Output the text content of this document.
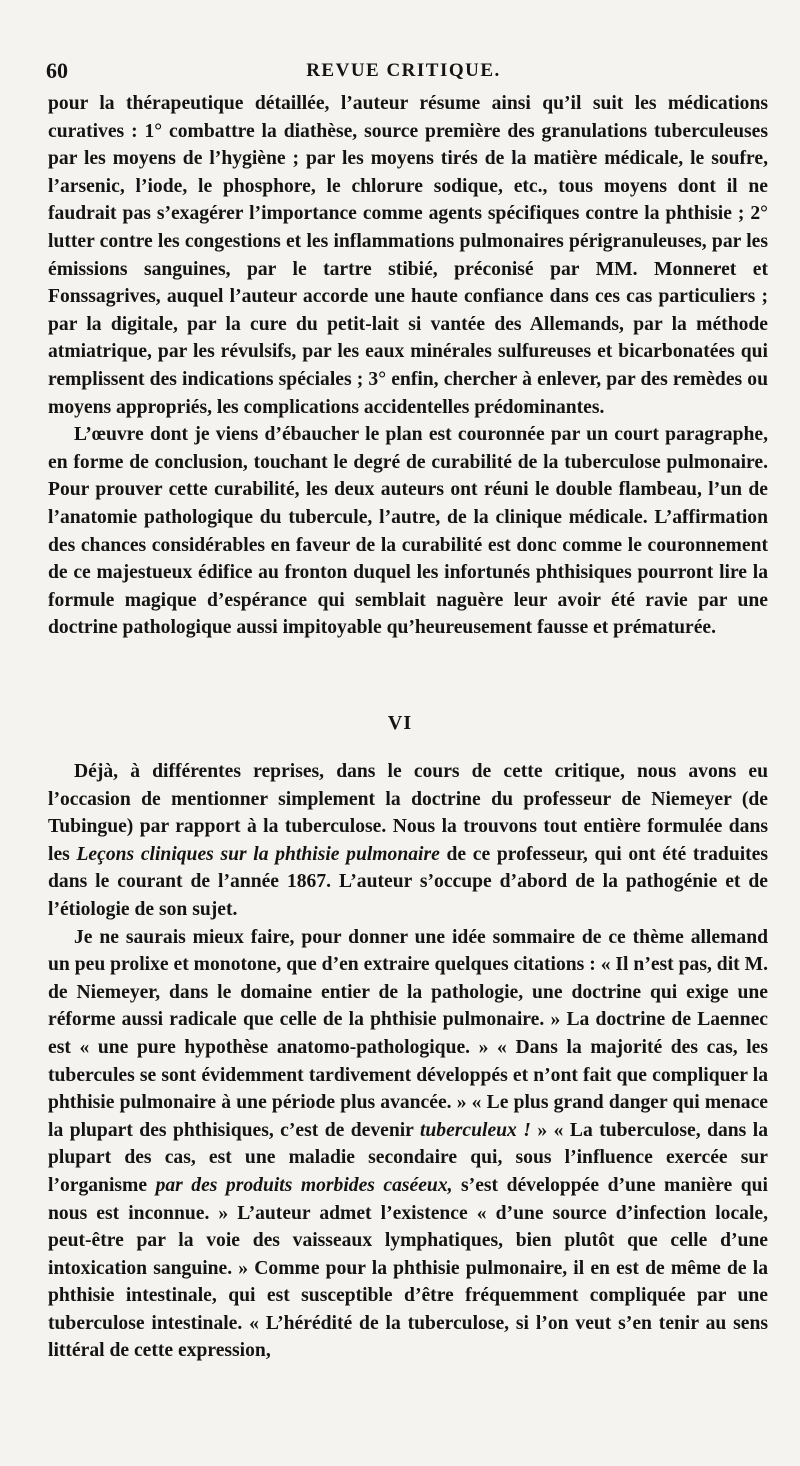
60	REVUE CRITIQUE.

pour la thérapeutique détaillée, l’auteur résume ainsi qu’il suit les médications curatives : 1° combattre la diathèse, source première des granulations tuberculeuses par les moyens de l’hygiène ; par les moyens tirés de la matière médicale, le soufre, l’arsenic, l’iode, le phosphore, le chlorure sodique, etc., tous moyens dont il ne faudrait pas s’exagérer l’importance comme agents spécifiques contre la phthisie ; 2° lutter contre les congestions et les inflammations pulmonaires périgranuleuses, par les émissions sanguines, par le tartre stibié, préconisé par MM. Monneret et Fonssagrives, auquel l’auteur accorde une haute confiance dans ces cas particuliers ; par la digitale, par la cure du petit-lait si vantée des Allemands, par la méthode atmiatrique, par les révulsifs, par les eaux minérales sulfureuses et bicarbonatées qui remplissent des indications spéciales ; 3° enfin, chercher à enlever, par des remèdes ou moyens appropriés, les complications accidentelles prédominantes.

L’œuvre dont je viens d’ébaucher le plan est couronnée par un court paragraphe, en forme de conclusion, touchant le degré de curabilité de la tuberculose pulmonaire. Pour prouver cette curabilité, les deux auteurs ont réuni le double flambeau, l’un de l’anatomie pathologique du tubercule, l’autre, de la clinique médicale. L’affirmation des chances considérables en faveur de la curabilité est donc comme le couronnement de ce majestueux édifice au fronton duquel les infortunés phthisiques pourront lire la formule magique d’espérance qui semblait naguère leur avoir été ravie par une doctrine pathologique aussi impitoyable qu’heureusement fausse et prématurée.

VI

Déjà, à différentes reprises, dans le cours de cette critique, nous avons eu l’occasion de mentionner simplement la doctrine du professeur de Niemeyer (de Tubingue) par rapport à la tuberculose. Nous la trouvons tout entière formulée dans les Leçons cliniques sur la phthisie pulmonaire de ce professeur, qui ont été traduites dans le courant de l’année 1867. L’auteur s’occupe d’abord de la pathogénie et de l’étiologie de son sujet.

Je ne saurais mieux faire, pour donner une idée sommaire de ce thème allemand un peu prolixe et monotone, que d’en extraire quelques citations : « Il n’est pas, dit M. de Niemeyer, dans le domaine entier de la pathologie, une doctrine qui exige une réforme aussi radicale que celle de la phthisie pulmonaire. » La doctrine de Laennec est « une pure hypothèse anatomo-pathologique. » « Dans la majorité des cas, les tubercules se sont évidemment tardivement développés et n’ont fait que compliquer la phthisie pulmonaire à une période plus avancée. » « Le plus grand danger qui menace la plupart des phthisiques, c’est de devenir tuberculeux ! » « La tuberculose, dans la plupart des cas, est une maladie secondaire qui, sous l’influence exercée sur l’organisme par des produits morbides caséeux, s’est développée d’une manière qui nous est inconnue. » L’auteur admet l’existence « d’une source d’infection locale, peut-être par la voie des vaisseaux lymphatiques, bien plutôt que celle d’une intoxication sanguine. » Comme pour la phthisie pulmonaire, il en est de même de la phthisie intestinale, qui est susceptible d’être fréquemment compliquée par une tuberculose intestinale. « L’hérédité de la tuberculose, si l’on veut s’en tenir au sens littéral de cette expression,
